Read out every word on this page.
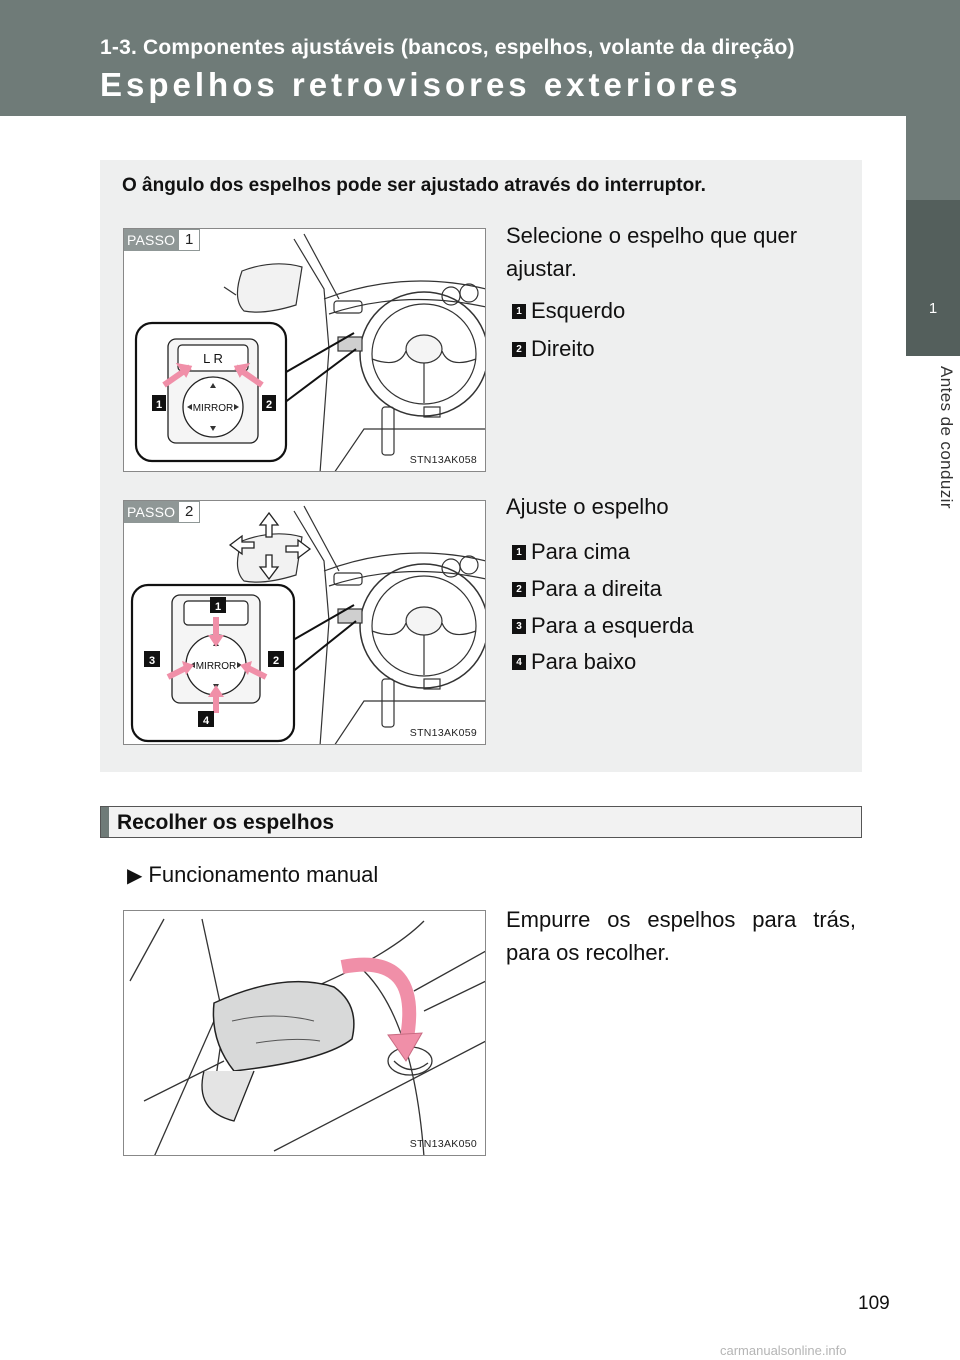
1-3. Componentes ajustáveis (bancos, espelhos, volante da direção)
Espelhos retrovisores exteriores
1
Antes de conduzir
O ângulo dos espelhos pode ser ajustado através do interruptor.
PASSO 1
L R
MIRROR
1	2
STN13AK058
Selecione o espelho que quer ajustar.
1 Esquerdo
2 Direito
PASSO 2
MIRROR
1
2
3
4
STN13AK059
Ajuste o espelho
1 Para cima
2 Para a direita
3 Para a esquerda
4 Para baixo
Recolher os espelhos
▶ Funcionamento manual
STN13AK050
Empurre os espelhos para trás, para os recolher.
109
carmanualsonline.info
